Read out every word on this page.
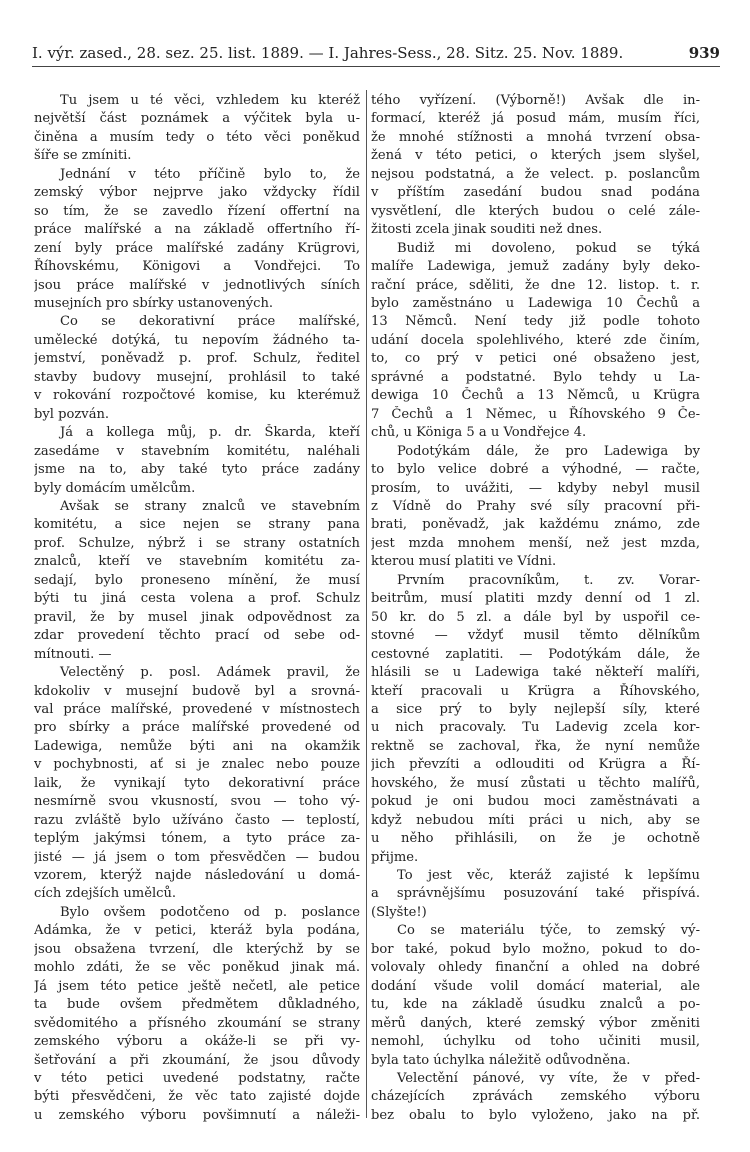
I. výr. zased., 28. sez. 25. list. 1889. — I. Jahres-Sess., 28. Sitz. 25. Nov. 1889.	939
Tu jsem u té věci, vzhledem ku kteréž
největší část poznámek a výčitek byla u-
činěna a musím tedy o této věci poněkud
šíře se zmíniti.
Jednání v této příčině bylo to, že
zemský výbor nejprve jako vždycky řídil
so tím, že se zavedlo řízení offertní na
práce malířské a na základě offertního ří-
zení byly práce malířské zadány Krügrovi,
Říhovskému, Königovi a Vondřejci. To
jsou práce malířské v jednotlivých síních
musejních pro sbírky ustanovených.
Co se dekorativní práce malířské,
umělecké dotýká, tu nepovím žádného ta-
jemství, poněvadž p. prof. Schulz, ředitel
stavby budovy musejní, prohlásil to také
v rokování rozpočtové komise, ku kterémuž
byl pozván.
Já a kollega můj, p. dr. Škarda, kteří
zasedáme v stavebním komitétu, naléhali
jsme na to, aby také tyto práce zadány
byly domácím umělcům.
Avšak se strany znalců ve stavebním
komitétu, a sice nejen se strany pana
prof. Schulze, nýbrž i se strany ostatních
znalců, kteří ve stavebním komitétu za-
sedají, bylo proneseno mínění, že musí
býti tu jiná cesta volena a prof. Schulz
pravil, že by musel jinak odpovědnost za
zdar provedení těchto prací od sebe od-
mítnouti. —
Velectěný p. posl. Adámek pravil, že
kdokoliv v musejní budově byl a srovná-
val práce malířské, provedené v místnostech
pro sbírky a práce malířské provedené od
Ladewiga, nemůže býti ani na okamžik
v pochybnosti, ať si je znalec nebo pouze
laik, že vynikají tyto dekorativní práce
nesmírně svou vkusností, svou — toho vý-
razu zvláště bylo užíváno často — teplostí,
teplým jakýmsi tónem, a tyto práce za-
jisté — já jsem o tom přesvědčen — budou
vzorem, kterýž najde následování u domá-
cích zdejších umělců.
Bylo ovšem podotčeno od p. poslance
Adámka, že v petici, kteráž byla podána,
jsou obsažena tvrzení, dle kterýchž by se
mohlo zdáti, že se věc poněkud jinak má.
Já jsem této petice ještě nečetl, ale petice
ta bude ovšem předmětem důkladného,
svědomitého a přísného zkoumání se strany
zemského výboru a okáže-li se při vy-
šetřování a při zkoumání, že jsou důvody
v této petici uvedené podstatny, račte
býti přesvědčeni, že věc tato zajisté dojde
u zemského výboru povšimnutí a náleži-
tého vyřízení. (Výborně!) Avšak dle in-
formací, kteréž já posud mám, musím říci,
že mnohé stížnosti a mnohá tvrzení obsa-
žená v této petici, o kterých jsem slyšel,
nejsou podstatná, a že velect. p. poslancům
v příštím zasedání budou snad podána
vysvětlení, dle kterých budou o celé zále-
žitosti zcela jinak souditi než dnes.
Budiž mi dovoleno, pokud se týká
malíře Ladewiga, jemuž zadány byly deko-
rační práce, sděliti, že dne 12. listop. t. r.
bylo zaměstnáno u Ladewiga 10 Čechů a
13 Němců. Není tedy již podle tohoto
udání docela spolehlivého, které zde činím,
to, co prý v petici oné obsaženo jest,
správné a podstatné. Bylo tehdy u La-
dewiga 10 Čechů a 13 Němců, u Krügra
7 Čechů a 1 Němec, u Říhovského 9 Če-
chů, u Königa 5 a u Vondřejce 4.
Podotýkám dále, že pro Ladewiga by
to bylo velice dobré a výhodné, — račte,
prosím, to uvážiti, — kdyby nebyl musil
z Vídně do Prahy své síly pracovní při-
brati, poněvadž, jak každému známo, zde
jest mzda mnohem menší, než jest mzda,
kterou musí platiti ve Vídni.
Prvním pracovníkům, t. zv. Vorar-
beitrům, musí platiti mzdy denní od 1 zl.
50 kr. do 5 zl. a dále byl by uspořil ce-
stovné — vždyť musil těmto dělníkům
cestovné zaplatiti. — Podotýkám dále, že
hlásili se u Ladewiga také někteří malíři,
kteří pracovali u Krügra a Říhovského,
a sice prý to byly nejlepší síly, které
u nich pracovaly. Tu Ladevig zcela kor-
rektně se zachoval, řka, že nyní nemůže
jich převzíti a odlouditi od Krügra a Ří-
hovského, že musí zůstati u těchto malířů,
pokud je oni budou moci zaměstnávati a
když nebudou míti práci u nich, aby se
u něho přihlásili, on že je ochotně
přijme.
To jest věc, kteráž zajisté k lepšímu
a správnějšímu posuzování také přispívá.
(Slyšte!)
Co se materiálu týče, to zemský vý-
bor také, pokud bylo možno, pokud to do-
volovaly ohledy finanční a ohled na dobré
dodání všude volil domácí material, ale
tu, kde na základě úsudku znalců a po-
měrů daných, které zemský výbor změniti
nemohl, úchylku od toho učiniti musil,
byla tato úchylka náležitě odůvodněna.
Velectění pánové, vy víte, že v před-
cházejících zprávách zemského výboru
bez obalu to bylo vyloženo, jako na př.
